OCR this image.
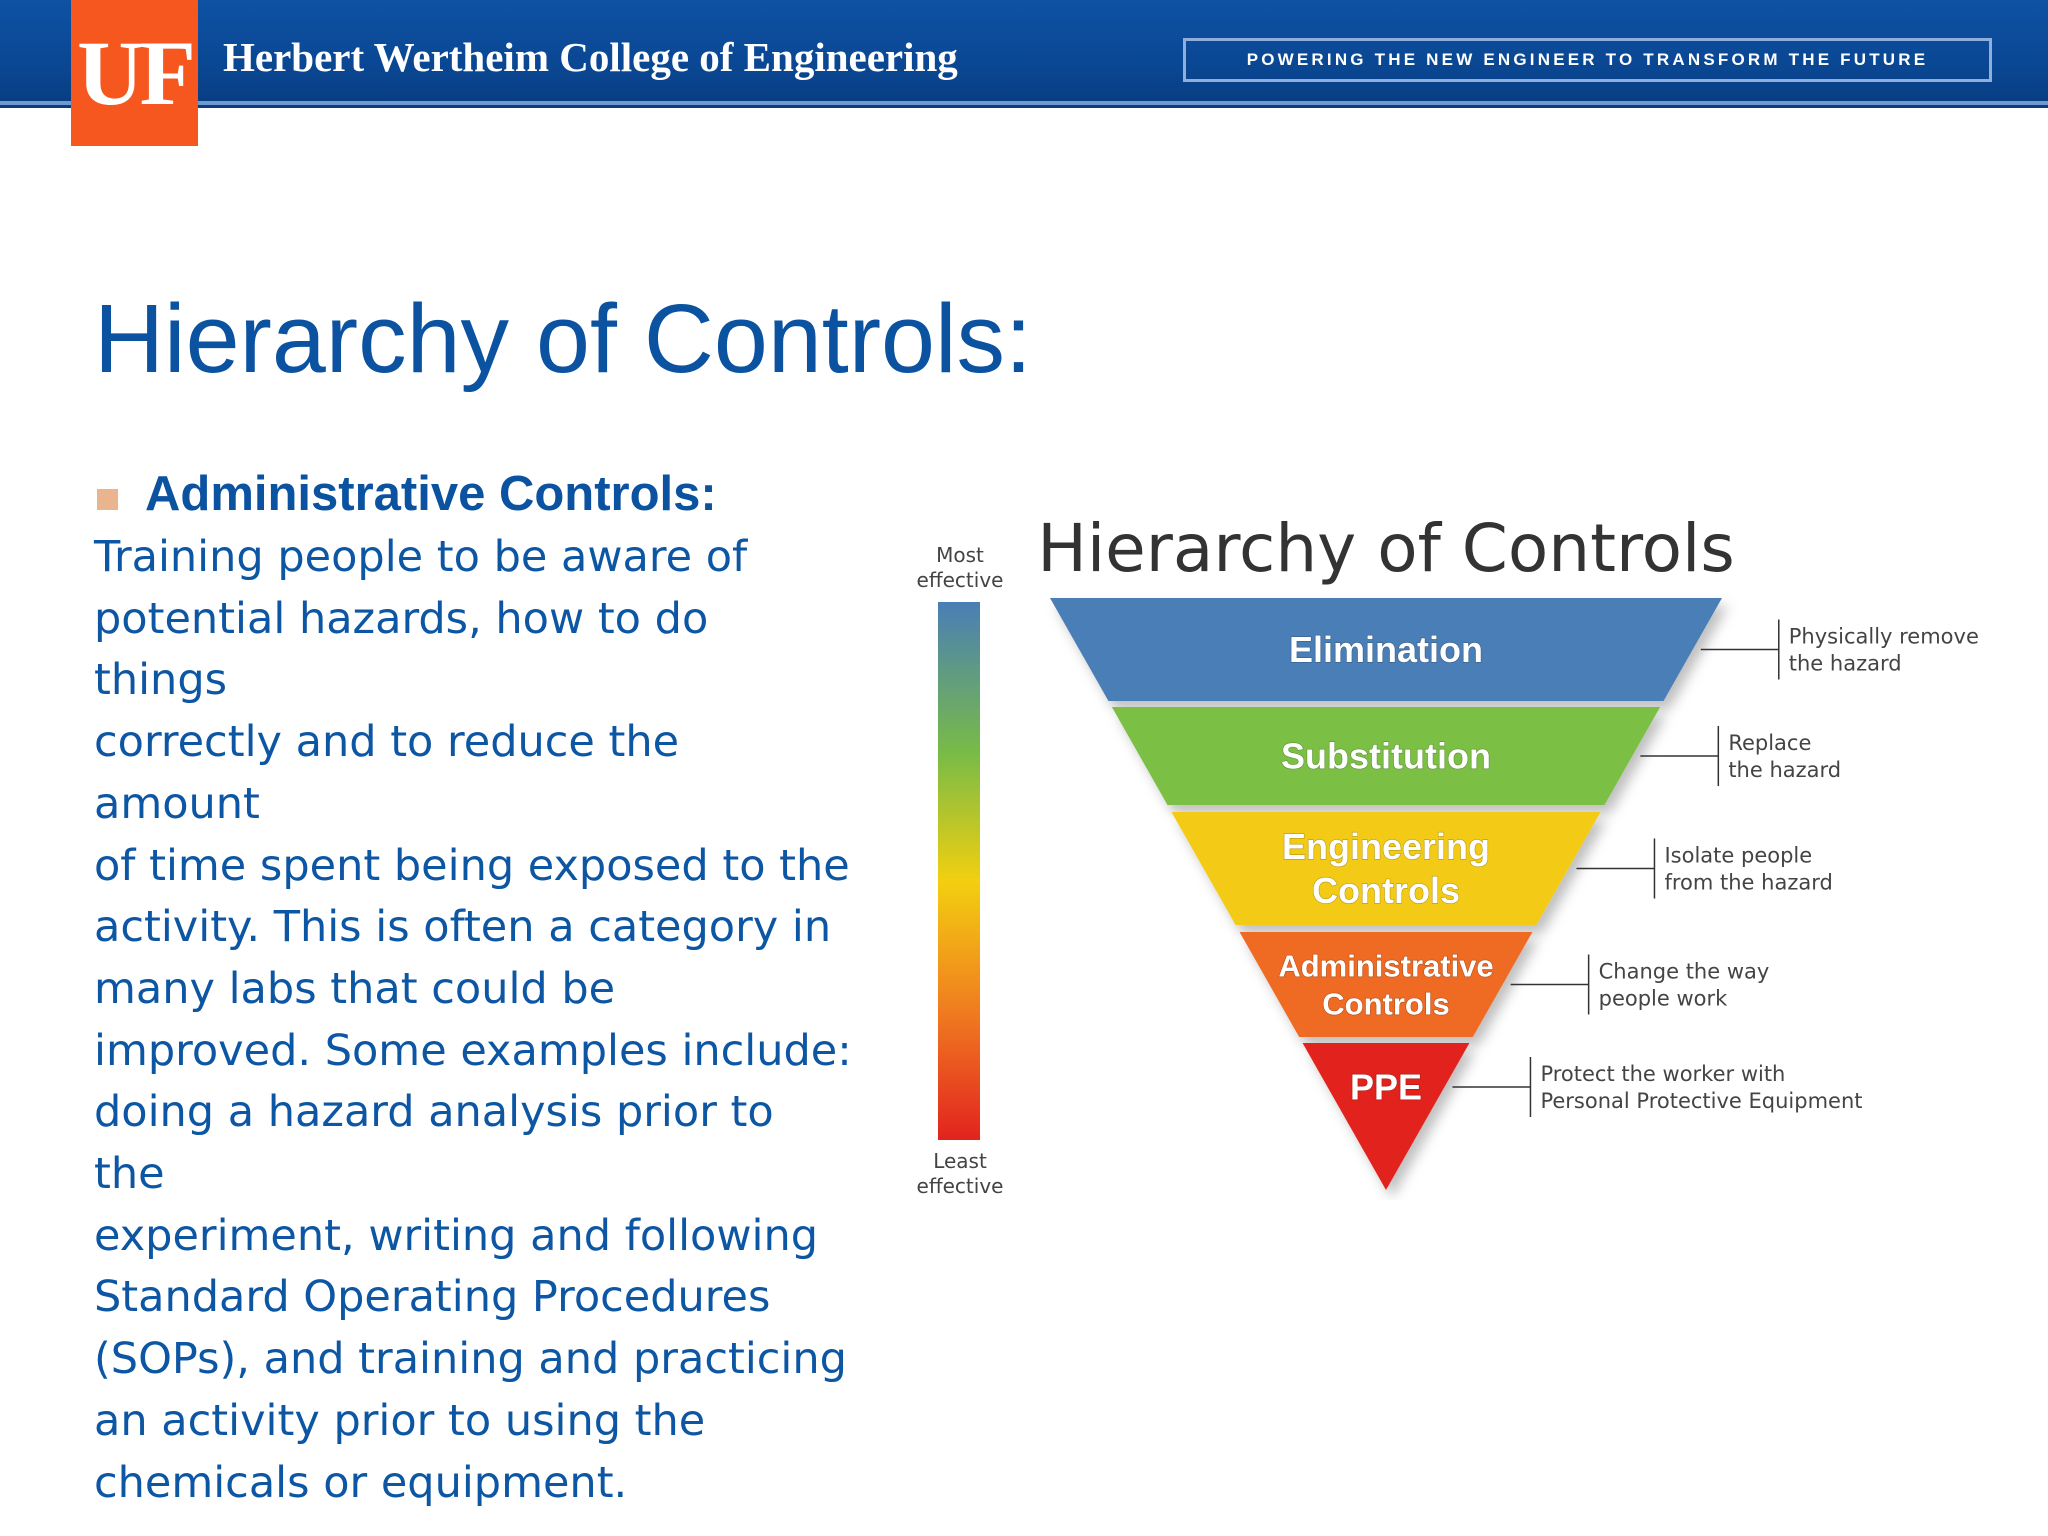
UF Herbert Wertheim College of Engineering	POWERING THE NEW ENGINEER TO TRANSFORM THE FUTURE
Hierarchy of Controls:
Administrative Controls:
Training people to be aware of
potential hazards, how to do things
correctly and to reduce the amount
of time spent being exposed to the
activity. This is often a category in
many labs that could be
improved. Some examples include:
doing a hazard analysis prior to the
experiment, writing and following
Standard Operating Procedures
(SOPs), and training and practicing
an activity prior to using the
chemicals or equipment.
Hierarchy of Controls
Most
effective
Least
effective
Elimination
Substitution
Engineering
Controls
Administrative
Controls
PPE
Physically remove
the hazard
Replace
the hazard
Isolate people
from the hazard
Change the way
people work
Protect the worker with
Personal Protective Equipment
